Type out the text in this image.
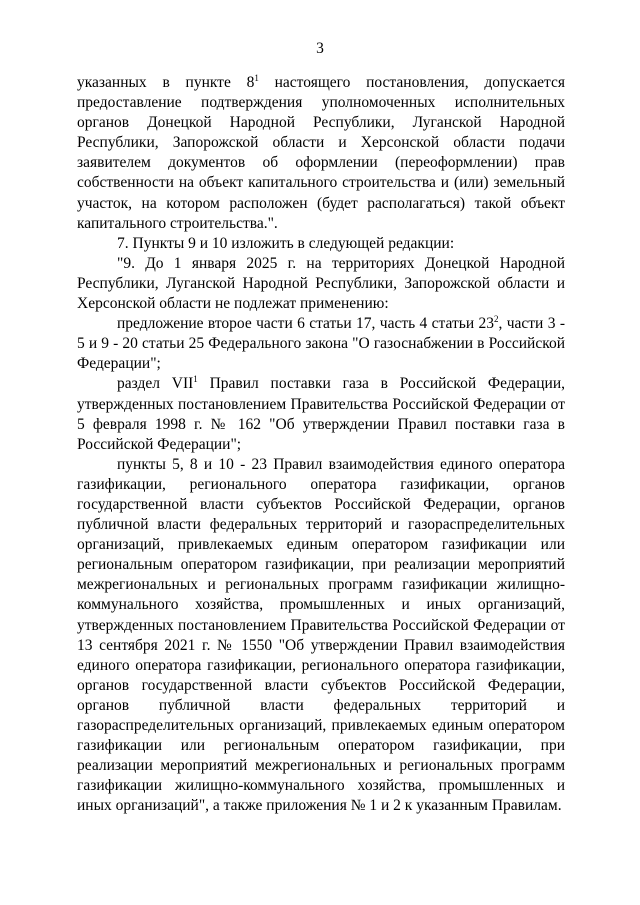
3

указанных в пункте $8^1$ настоящего постановления, допускается предоставление подтверждения уполномоченных исполнительных органов Донецкой Народной Республики, Луганской Народной Республики, Запорожской области и Херсонской области подачи заявителем документов об оформлении (переоформлении) прав собственности на объект капитального строительства и (или) земельный участок, на котором расположен (будет располагаться) такой объект капитального строительства.".

7. Пункты 9 и 10 изложить в следующей редакции:

"9. До 1 января 2025 г. на территориях Донецкой Народной Республики, Луганской Народной Республики, Запорожской области и Херсонской области не подлежат применению:

предложение второе части 6 статьи 17, часть 4 статьи $23^2$, части 3 - 5 и 9 - 20 статьи 25 Федерального закона "О газоснабжении в Российской Федерации";

раздел VII$^1$ Правил поставки газа в Российской Федерации, утвержденных постановлением Правительства Российской Федерации от 5 февраля 1998 г. № 162 "Об утверждении Правил поставки газа в Российской Федерации";

пункты 5, 8 и 10 - 23 Правил взаимодействия единого оператора газификации, регионального оператора газификации, органов государственной власти субъектов Российской Федерации, органов публичной власти федеральных территорий и газораспределительных организаций, привлекаемых единым оператором газификации или региональным оператором газификации, при реализации мероприятий межрегиональных и региональных программ газификации жилищно-коммунального хозяйства, промышленных и иных организаций, утвержденных постановлением Правительства Российской Федерации от 13 сентября 2021 г. № 1550 "Об утверждении Правил взаимодействия единого оператора газификации, регионального оператора газификации, органов государственной власти субъектов Российской Федерации, органов публичной власти федеральных территорий и газораспределительных организаций, привлекаемых единым оператором газификации или региональным оператором газификации, при реализации мероприятий межрегиональных и региональных программ газификации жилищно-коммунального хозяйства, промышленных и иных организаций", а также приложения № 1 и 2 к указанным Правилам.
